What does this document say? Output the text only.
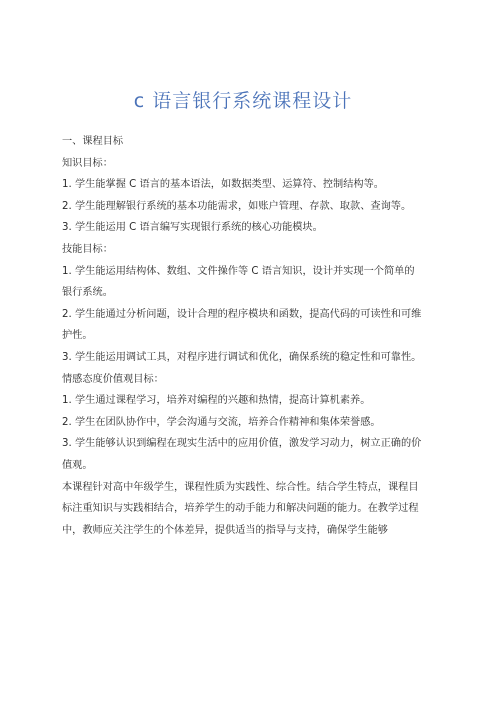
c 语言银行系统课程设计

一、课程目标

知识目标：

1. 学生能掌握 C 语言的基本语法，如数据类型、运算符、控制结构等。

2. 学生能理解银行系统的基本功能需求，如账户管理、存款、取款、查询等。

3. 学生能运用 C 语言编写实现银行系统的核心功能模块。

技能目标：

1. 学生能运用结构体、数组、文件操作等 C 语言知识，设计并实现一个简单的银行系统。

2. 学生能通过分析问题，设计合理的程序模块和函数，提高代码的可读性和可维护性。

3. 学生能运用调试工具，对程序进行调试和优化，确保系统的稳定性和可靠性。

情感态度价值观目标：

1. 学生通过课程学习，培养对编程的兴趣和热情，提高计算机素养。

2. 学生在团队协作中，学会沟通与交流，培养合作精神和集体荣誉感。

3. 学生能够认识到编程在现实生活中的应用价值，激发学习动力，树立正确的价值观。

本课程针对高中年级学生，课程性质为实践性、综合性。结合学生特点，课程目标注重知识与实践相结合，培养学生的动手能力和解决问题的能力。在教学过程中，教师应关注学生的个体差异，提供适当的指导与支持，确保学生能够
